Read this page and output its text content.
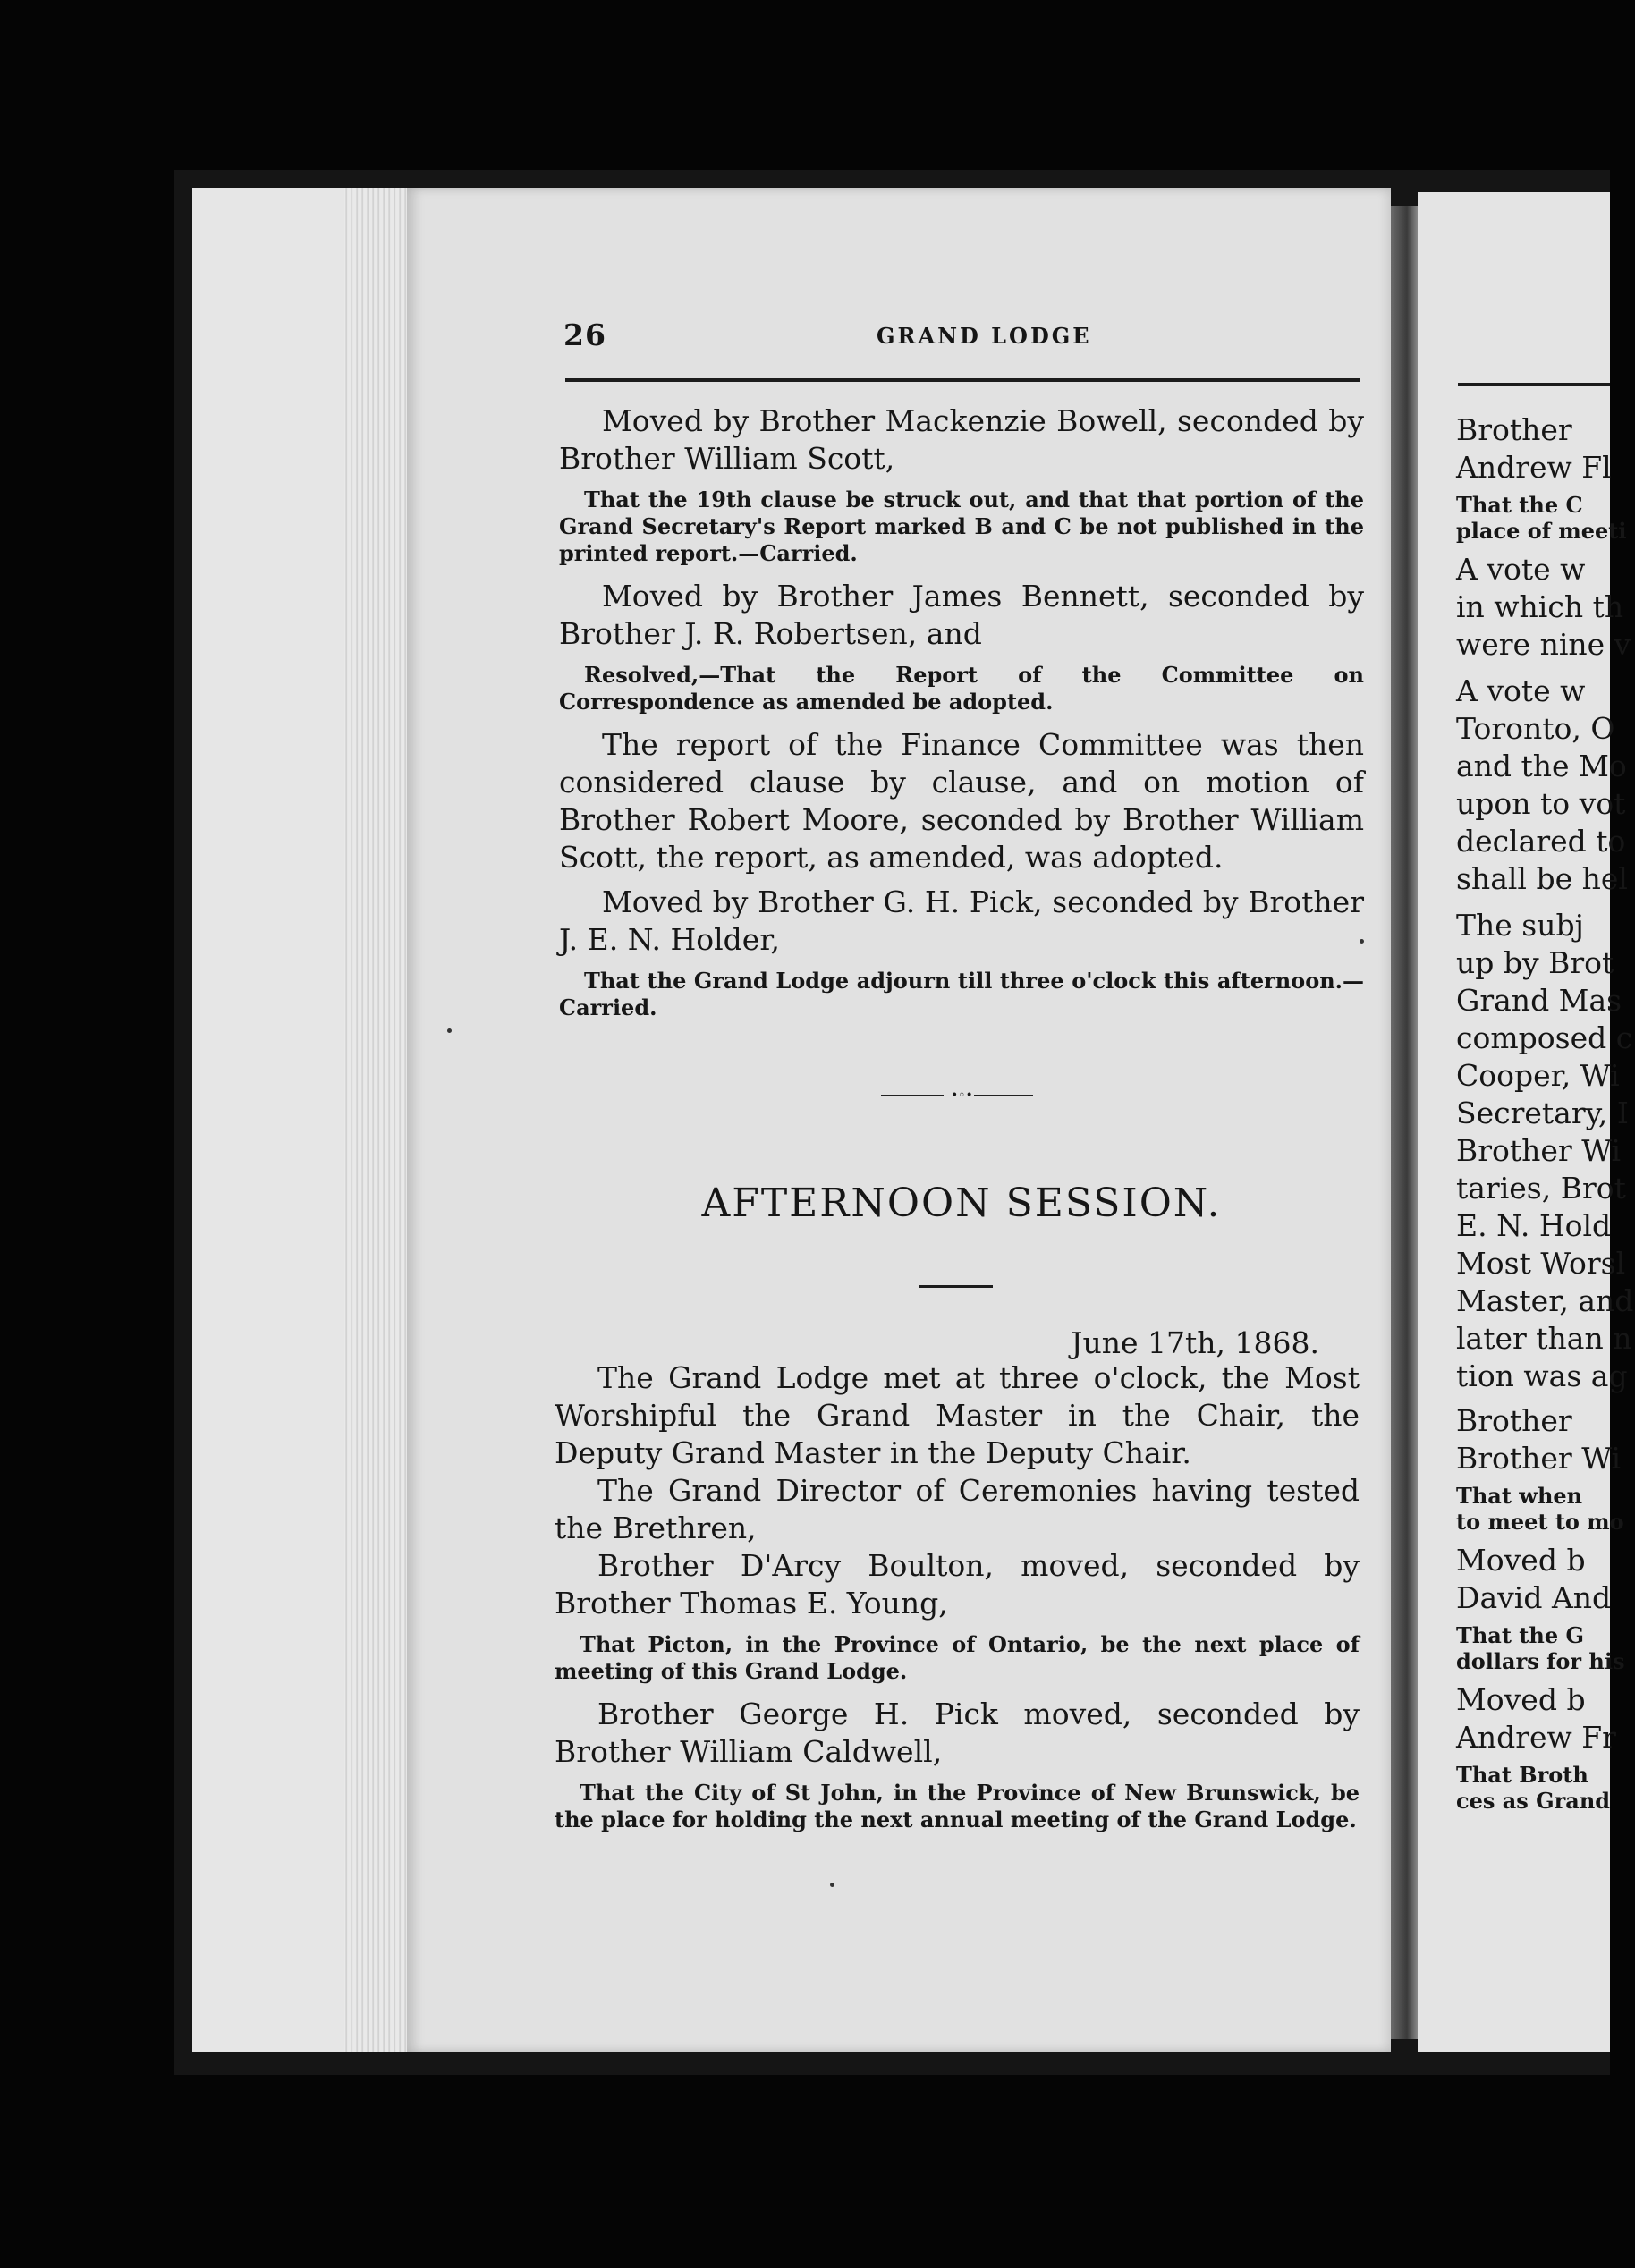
26	GRAND LODGE

Moved by Brother Mackenzie Bowell, seconded by Brother William Scott,

That the 19th clause be struck out, and that that portion of the Grand Secretary's Report marked B and C be not published in the printed report.—Carried.

Moved by Brother James Bennett, seconded by Brother J. R. Robertsen, and

Resolved,—That the Report of the Committee on Correspondence as amended be adopted.

The report of the Finance Committee was then considered clause by clause, and on motion of Brother Robert Moore, seconded by Brother William Scott, the report, as amended, was adopted.

Moved by Brother G. H. Pick, seconded by Brother J. E. N. Holder,

That the Grand Lodge adjourn till three o'clock this afternoon.—Carried.

•◦•
AFTERNOON SESSION.
June 17th, 1868.

The Grand Lodge met at three o'clock, the Most Worshipful the Grand Master in the Chair, the Deputy Grand Master in the Deputy Chair.

The Grand Director of Ceremonies having tested the Brethren,

Brother D'Arcy Boulton, moved, seconded by Brother Thomas E. Young,

That Picton, in the Province of Ontario, be the next place of meeting of this Grand Lodge.

Brother George H. Pick moved, seconded by Brother William Caldwell,

That the City of St John, in the Province of New Brunswick, be the place for holding the next annual meeting of the Grand Lodge.

Brother

Andrew Fl

That the C
place of meeti

A vote w

in which th

were nine v

A vote w

Toronto, O

and the Mo

upon to vot

declared to

shall be hel

The subj

up by Brot

Grand Mas

composed c

Cooper, Wi

Secretary, I

Brother Wi

taries, Brot

E. N. Hold

Most Worsl

Master, and

later than n

tion was ag

Brother

Brother Wi

That when
to meet to mo

Moved b

David And

That the G
dollars for his

Moved b

Andrew Fr

That Broth
ces as Grand
